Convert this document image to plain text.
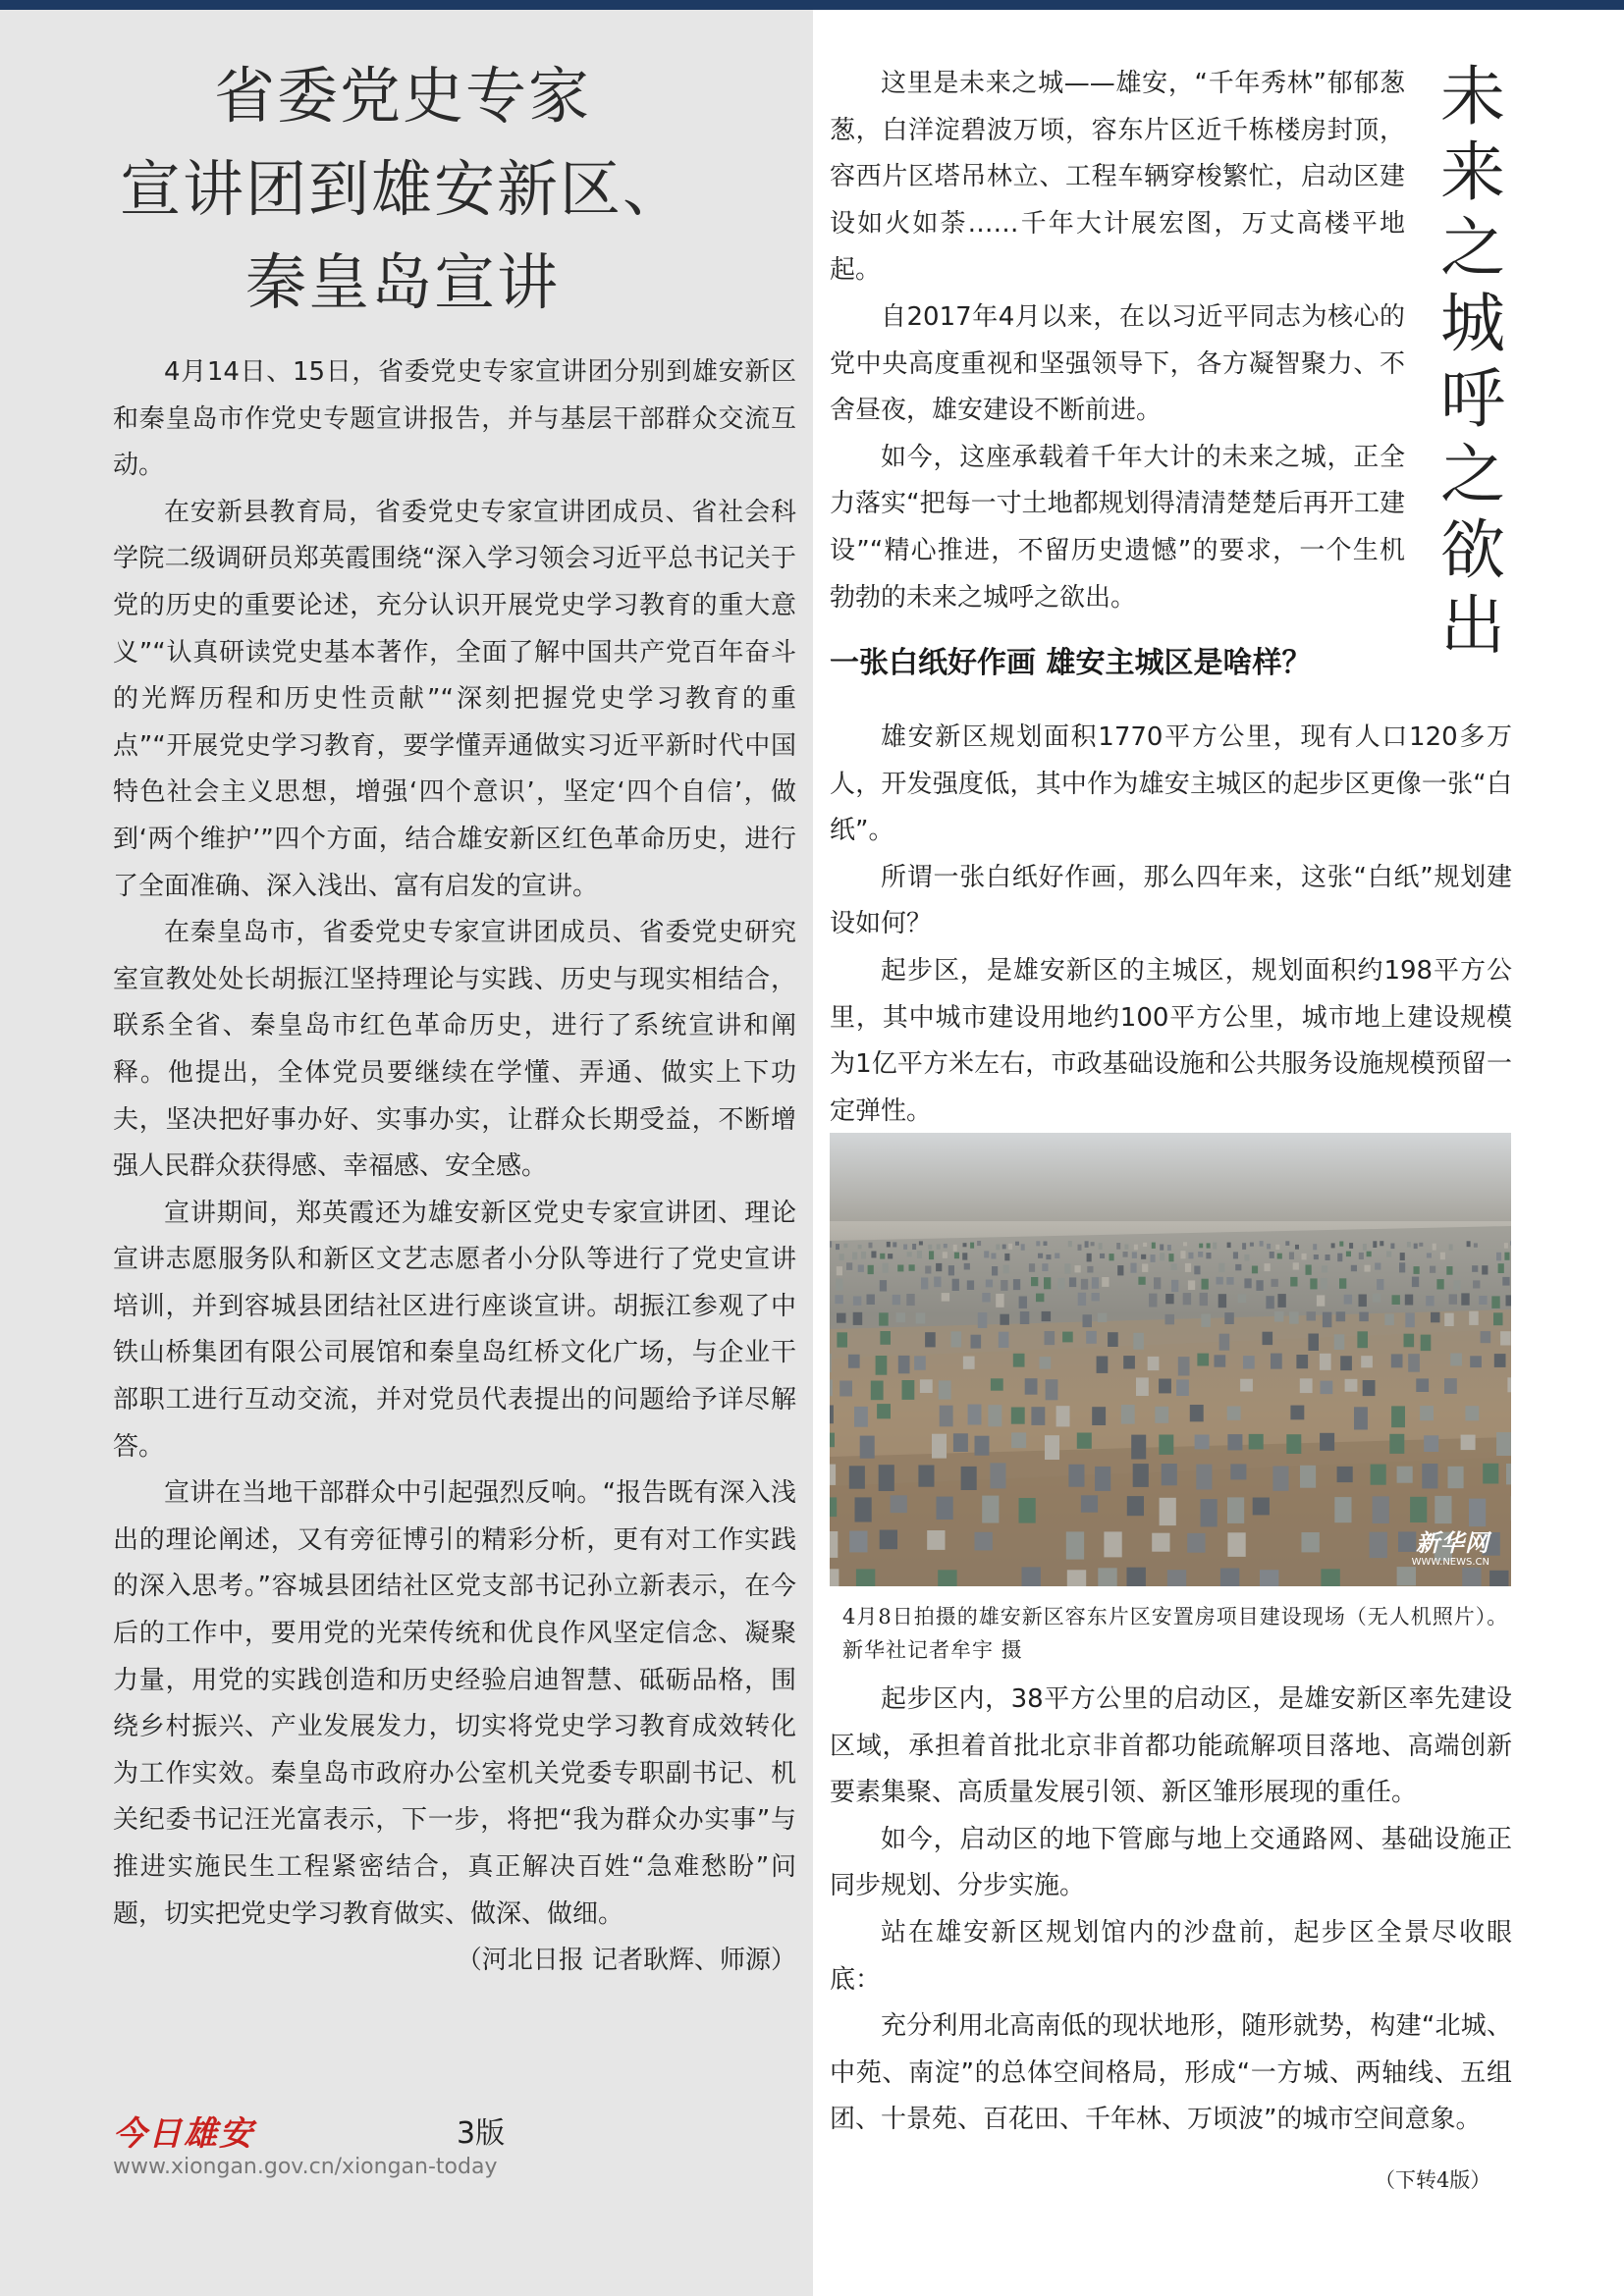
省委党史专家
宣讲团到雄安新区、
秦皇岛宣讲

4月14日、15日，省委党史专家宣讲团分别到雄安新区和秦皇岛市作党史专题宣讲报告，并与基层干部群众交流互动。

在安新县教育局，省委党史专家宣讲团成员、省社会科学院二级调研员郑英霞围绕“深入学习领会习近平总书记关于党的历史的重要论述，充分认识开展党史学习教育的重大意义”“认真研读党史基本著作，全面了解中国共产党百年奋斗的光辉历程和历史性贡献”“深刻把握党史学习教育的重点”“开展党史学习教育，要学懂弄通做实习近平新时代中国特色社会主义思想，增强‘四个意识’，坚定‘四个自信’，做到‘两个维护’”四个方面，结合雄安新区红色革命历史，进行了全面准确、深入浅出、富有启发的宣讲。

在秦皇岛市，省委党史专家宣讲团成员、省委党史研究室宣教处处长胡振江坚持理论与实践、历史与现实相结合，联系全省、秦皇岛市红色革命历史，进行了系统宣讲和阐释。他提出，全体党员要继续在学懂、弄通、做实上下功夫，坚决把好事办好、实事办实，让群众长期受益，不断增强人民群众获得感、幸福感、安全感。

宣讲期间，郑英霞还为雄安新区党史专家宣讲团、理论宣讲志愿服务队和新区文艺志愿者小分队等进行了党史宣讲培训，并到容城县团结社区进行座谈宣讲。胡振江参观了中铁山桥集团有限公司展馆和秦皇岛红桥文化广场，与企业干部职工进行互动交流，并对党员代表提出的问题给予详尽解答。

宣讲在当地干部群众中引起强烈反响。“报告既有深入浅出的理论阐述，又有旁征博引的精彩分析，更有对工作实践的深入思考。”容城县团结社区党支部书记孙立新表示，在今后的工作中，要用党的光荣传统和优良作风坚定信念、凝聚力量，用党的实践创造和历史经验启迪智慧、砥砺品格，围绕乡村振兴、产业发展发力，切实将党史学习教育成效转化为工作实效。秦皇岛市政府办公室机关党委专职副书记、机关纪委书记汪光富表示，下一步，将把“我为群众办实事”与推进实施民生工程紧密结合，真正解决百姓“急难愁盼”问题，切实把党史学习教育做实、做深、做细。
（河北日报 记者耿辉、师源）

这里是未来之城——雄安，“千年秀林”郁郁葱葱，白洋淀碧波万顷，容东片区近千栋楼房封顶，容西片区塔吊林立、工程车辆穿梭繁忙，启动区建设如火如荼……千年大计展宏图，万丈高楼平地起。

自2017年4月以来，在以习近平同志为核心的党中央高度重视和坚强领导下，各方凝智聚力、不舍昼夜，雄安建设不断前进。

如今，这座承载着千年大计的未来之城，正全力落实“把每一寸土地都规划得清清楚楚后再开工建设”“精心推进，不留历史遗憾”的要求，一个生机勃勃的未来之城呼之欲出。

未来之城呼之欲出
一张白纸好作画 雄安主城区是啥样？

雄安新区规划面积1770平方公里，现有人口120多万人，开发强度低，其中作为雄安主城区的起步区更像一张“白纸”。

所谓一张白纸好作画，那么四年来，这张“白纸”规划建设如何？

起步区，是雄安新区的主城区，规划面积约198平方公里，其中城市建设用地约100平方公里，城市地上建设规模为1亿平方米左右，市政基础设施和公共服务设施规模预留一定弹性。

新华网
WWW.NEWS.CN
4月8日拍摄的雄安新区容东片区安置房项目建设现场（无人机照片）。新华社记者牟宇 摄

起步区内，38平方公里的启动区，是雄安新区率先建设区域，承担着首批北京非首都功能疏解项目落地、高端创新要素集聚、高质量发展引领、新区雏形展现的重任。

如今，启动区的地下管廊与地上交通路网、基础设施正同步规划、分步实施。

站在雄安新区规划馆内的沙盘前，起步区全景尽收眼底：

充分利用北高南低的现状地形，随形就势，构建“北城、中苑、南淀”的总体空间格局，形成“一方城、两轴线、五组团、十景苑、百花田、千年林、万顷波”的城市空间意象。

（下转4版）
今日雄安	3版
www.xiongan.gov.cn/xiongan-today
